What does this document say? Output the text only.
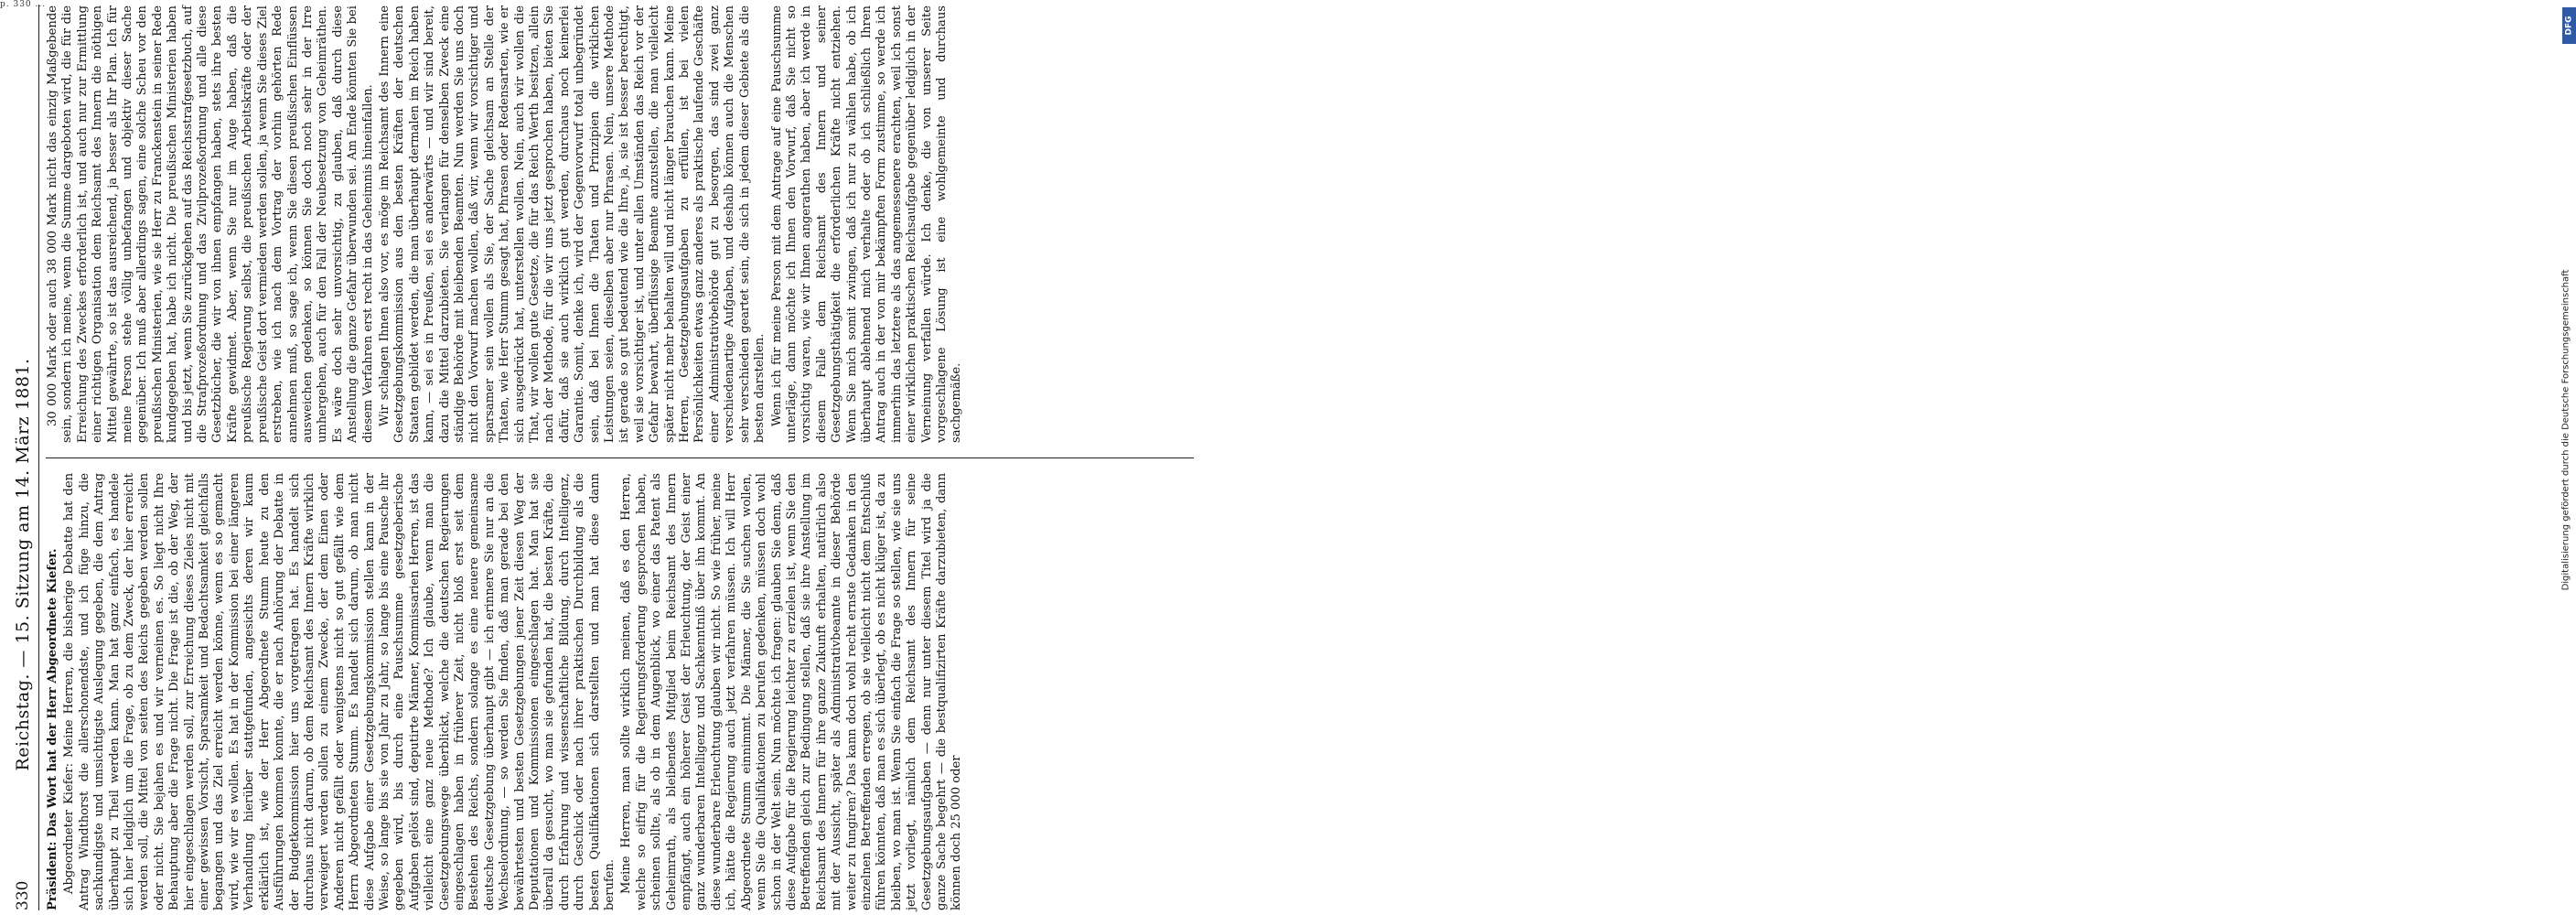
p. 330 ...
330
Reichstag. — 15. Sitzung am 14. März 1881. Präsident: Das Wort hat der Herr Abgeordnete Kiefer. Abgeordneter Kiefer: Meine Herren, die bisherige Debatte hat den Antrag Windthorst die allerschonendste, und ich füge hinzu, die sachkundigste und umsichtigste Auslegung gegeben, die dem Antrag überhaupt zu Theil werden kann. Man hat ganz einfach, es handele sich hier lediglich um die Frage, ob zu dem Zweck, der hier erreicht werden soll, die Mittel von seiten des Reichs gegeben werden sollen oder nicht. Sie bejahen es und wir verneinen es. So liegt nicht Ihre Behauptung aber die Frage nicht. Die Frage ist die, ob der Weg, der hier eingeschlagen werden soll, zur Erreichung dieses Zieles nicht mit einer gewissen Vorsicht, Sparsamkeit und Bedachtsamkeit gleichfalls begangen und das Ziel erreicht werden könne, wenn es so gemacht wird, wie wir es wollen. Es hat in der Kommission bei einer längeren Verhandlung hierüber stattgefunden, angesichts deren wir kaum erklärlich ist, wie der Herr Abgeordnete Stumm heute zu den Ausführungen kommen konnte, die er nach Anhörung der Debatte in der Budgetkommission hier uns vorgetragen hat. Es handelt sich durchaus nicht darum, ob dem Reichsamt des Innern Kräfte wirklich verweigert werden sollen zu einem Zwecke, der dem Einen oder Anderen nicht gefällt oder wenigstens nicht so gut gefällt wie dem Herrn Abgeordneten Stumm. Es handelt sich darum, ob man nicht diese Aufgabe einer Gesetzgebungskommission stellen kann in der Weise, so lange bis sie von Jahr zu Jahr, so lange bis eine Pausche ihr gegeben wird, bis durch eine Pauschsumme gesetzgeberische Aufgaben gelöst sind, deputirte Männer, Kommissarien Herren, ist das vielleicht eine ganz neue Methode? Ich glaube, wenn man die Gesetzgebungswege überblickt, welche die deutschen Regierungen eingeschlagen haben in früherer Zeit, nicht bloß erst seit dem Bestehen des Reichs, sondern solange es eine neuere gemeinsame deutsche Gesetzgebung überhaupt gibt — ich erinnere Sie nur an die Wechselordnung, — so werden Sie finden, daß man gerade bei den bewährtesten und besten Gesetzgebungen jener Zeit diesen Weg der Deputationen und Kommissionen eingeschlagen hat. Man hat sie überall da gesucht, wo man sie gefunden hat, die besten Kräfte, die durch Erfahrung und wissenschaftliche Bildung, durch Intelligenz, durch Geschick oder nach ihrer praktischen Durchbildung als die besten Qualifikationen sich darstellten und man hat diese dann berufen. Meine Herren, man sollte wirklich meinen, daß es den Herren, welche so eifrig für die Regierungsforderung gesprochen haben, scheinen sollte, als ob in dem Augenblick, wo einer das Patent als Geheimrath, als bleibendes Mitglied beim Reichsamt des Innern empfängt, auch ein höherer Geist der Erleuchtung, der Geist einer ganz wunderbaren Intelligenz und Sachkenntniß über ihn kommt. An diese wunderbare Erleuchtung glauben wir nicht. So wie früher, meine ich, hätte die Regierung auch jetzt verfahren müssen. Ich will Herr Abgeordnete Stumm einnimmt. Die Männer, die Sie suchen wollen, wenn Sie die Qualifikationen zu berufen gedenken, müssen doch wohl schon in der Welt sein. Nun möchte ich fragen: glauben Sie denn, daß diese Aufgabe für die Regierung leichter zu erzielen ist, wenn Sie den Betreffenden gleich zur Bedingung stellen, daß sie ihre Anstellung im Reichsamt des Innern für ihre ganze Zukunft erhalten, natürlich also mit der Aussicht, später als Administrativbeamte in dieser Behörde weiter zu fungiren? Das kann doch wohl recht ernste Gedanken in den einzelnen Betreffenden erregen, ob sie vielleicht nicht dem Entschluß führen könnten, daß man es sich überlegt, ob es nicht klüger ist, da zu bleiben, wo man ist. Wenn Sie einfach die Frage so stellen, wie sie uns jetzt vorliegt, nämlich dem Reichsamt des Innern für seine Gesetzgebungsaufgaben — denn nur unter diesem Titel wird ja die ganze Sache begehrt — die bestqualifizirten Kräfte darzubieten, dann können doch 25 000 oder

30 000 Mark oder auch 38 000 Mark nicht das einzig Maßgebende sein, sondern ich meine, wenn die Summe dargeboten wird, die für die Erreichung des Zweckes erforderlich ist, und auch nur zur Ermittlung einer richtigen Organisation dem Reichsamt des Innern die nöthigen Mittel gewährte, so ist das ausreichend, ja besser als Ihr Plan. Ich für meine Person stehe völlig unbefangen und objektiv dieser Sache gegenüber. Ich muß aber allerdings sagen, eine solche Scheu vor den preußischen Ministerien, wie sie Herr zu Franckenstein in seiner Rede kundgegeben hat, habe ich nicht. Die preußischen Ministerien haben und bis jetzt, wenn Sie zurückgehen auf das Reichsstrafgesetzbuch, auf die Strafprozeßordnung und das Zivilprozeßordnung und alle diese Gesetzbücher, die wir von ihnen empfangen haben, stets ihre besten Kräfte gewidmet. Aber, wenn Sie nur im Auge haben, daß die preußische Regierung selbst, die preußischen Arbeitskräfte oder der preußische Geist dort vermieden werden sollen, ja wenn Sie dieses Ziel erstreben, wie ich nach dem Vortrag der vorhin gehörten Rede annehmen muß, so sage ich, wenn Sie diesen preußischen Einflüssen ausweichen gedenken, so können Sie doch noch sehr in der Irre umhergehen, auch für den Fall der Neubesetzung von Geheimräthen. Es wäre doch sehr unvorsichtig, zu glauben, daß durch diese Anstellung die ganze Gefahr überwunden sei. Am Ende könnten Sie bei diesem Verfahren erst recht in das Geheimnis hineinfallen. Wir schlagen Ihnen also vor, es möge im Reichsamt des Innern eine Gesetzgebungskommission aus den besten Kräften der deutschen Staaten gebildet werden, die man überhaupt dermalen im Reich haben kann, — sei es in Preußen, sei es anderwärts — und wir sind bereit, dazu die Mittel darzubieten. Sie verlangen für denselben Zweck eine ständige Behörde mit bleibenden Beamten. Nun werden Sie uns doch nicht den Vorwurf machen wollen, daß wir, wenn wir vorsichtiger und sparsamer sein wollen als Sie, der Sache gleichsam an Stelle der Thaten, wie Herr Stumm gesagt hat, Phrasen oder Redensarten, wie er sich ausgedrückt hat, unterstellen wollen. Nein, auch wir wollen die That, wir wollen gute Gesetze, die für das Reich Werth besitzen, allein nach der Methode, für die wir uns jetzt gesprochen haben, bieten Sie dafür, daß sie auch wirklich gut werden, durchaus noch keinerlei Garantie. Somit, denke ich, wird der Gegenvorwurf total unbegründet sein, daß bei Ihnen die Thaten und Prinzipien die wirklichen Leistungen seien, dieselben aber nur Phrasen. Nein, unsere Methode ist gerade so gut bedeutend wie die Ihre, ja, sie ist besser berechtigt, weil sie vorsichtiger ist, und unter allen Umständen das Reich vor der Gefahr bewahrt, überflüssige Beamte anzustellen, die man vielleicht später nicht mehr behalten will und nicht länger brauchen kann. Meine Herren, Gesetzgebungsaufgaben zu erfüllen, ist bei vielen Persönlichkeiten etwas ganz anderes als praktische laufende Geschäfte einer Administrativbehörde gut zu besorgen, das sind zwei ganz verschiedenartige Aufgaben, und deshalb können auch die Menschen sehr verschieden geartet sein, die sich in jedem dieser Gebiete als die besten darstellen. Wenn ich für meine Person mit dem Antrage auf eine Pauschsumme unterläge, dann möchte ich Ihnen den Vorwurf, daß Sie nicht so vorsichtig waren, wie wir Ihnen angerathen haben, aber ich werde in diesem Falle dem Reichsamt des Innern und seiner Gesetzgebungsthätigkeit die erforderlichen Kräfte nicht entziehen. Wenn Sie mich somit zwingen, daß ich nur zu wählen habe, ob ich überhaupt ablehnend mich verhalte oder ob ich schließlich Ihren Antrag auch in der von mir bekämpften Form zustimme, so werde ich immerhin das letztere als das angemessenere erachten, weil ich sonst einer wirklichen praktischen Reichsaufgabe gegenüber lediglich in der Verneinung verfallen würde. Ich denke, die von unserer Seite vorgeschlagene Lösung ist eine wohlgemeinte und durchaus sachgemäße.

DFG
Digitalisierung gefördert durch die Deutsche Forschungsgemeinschaft
